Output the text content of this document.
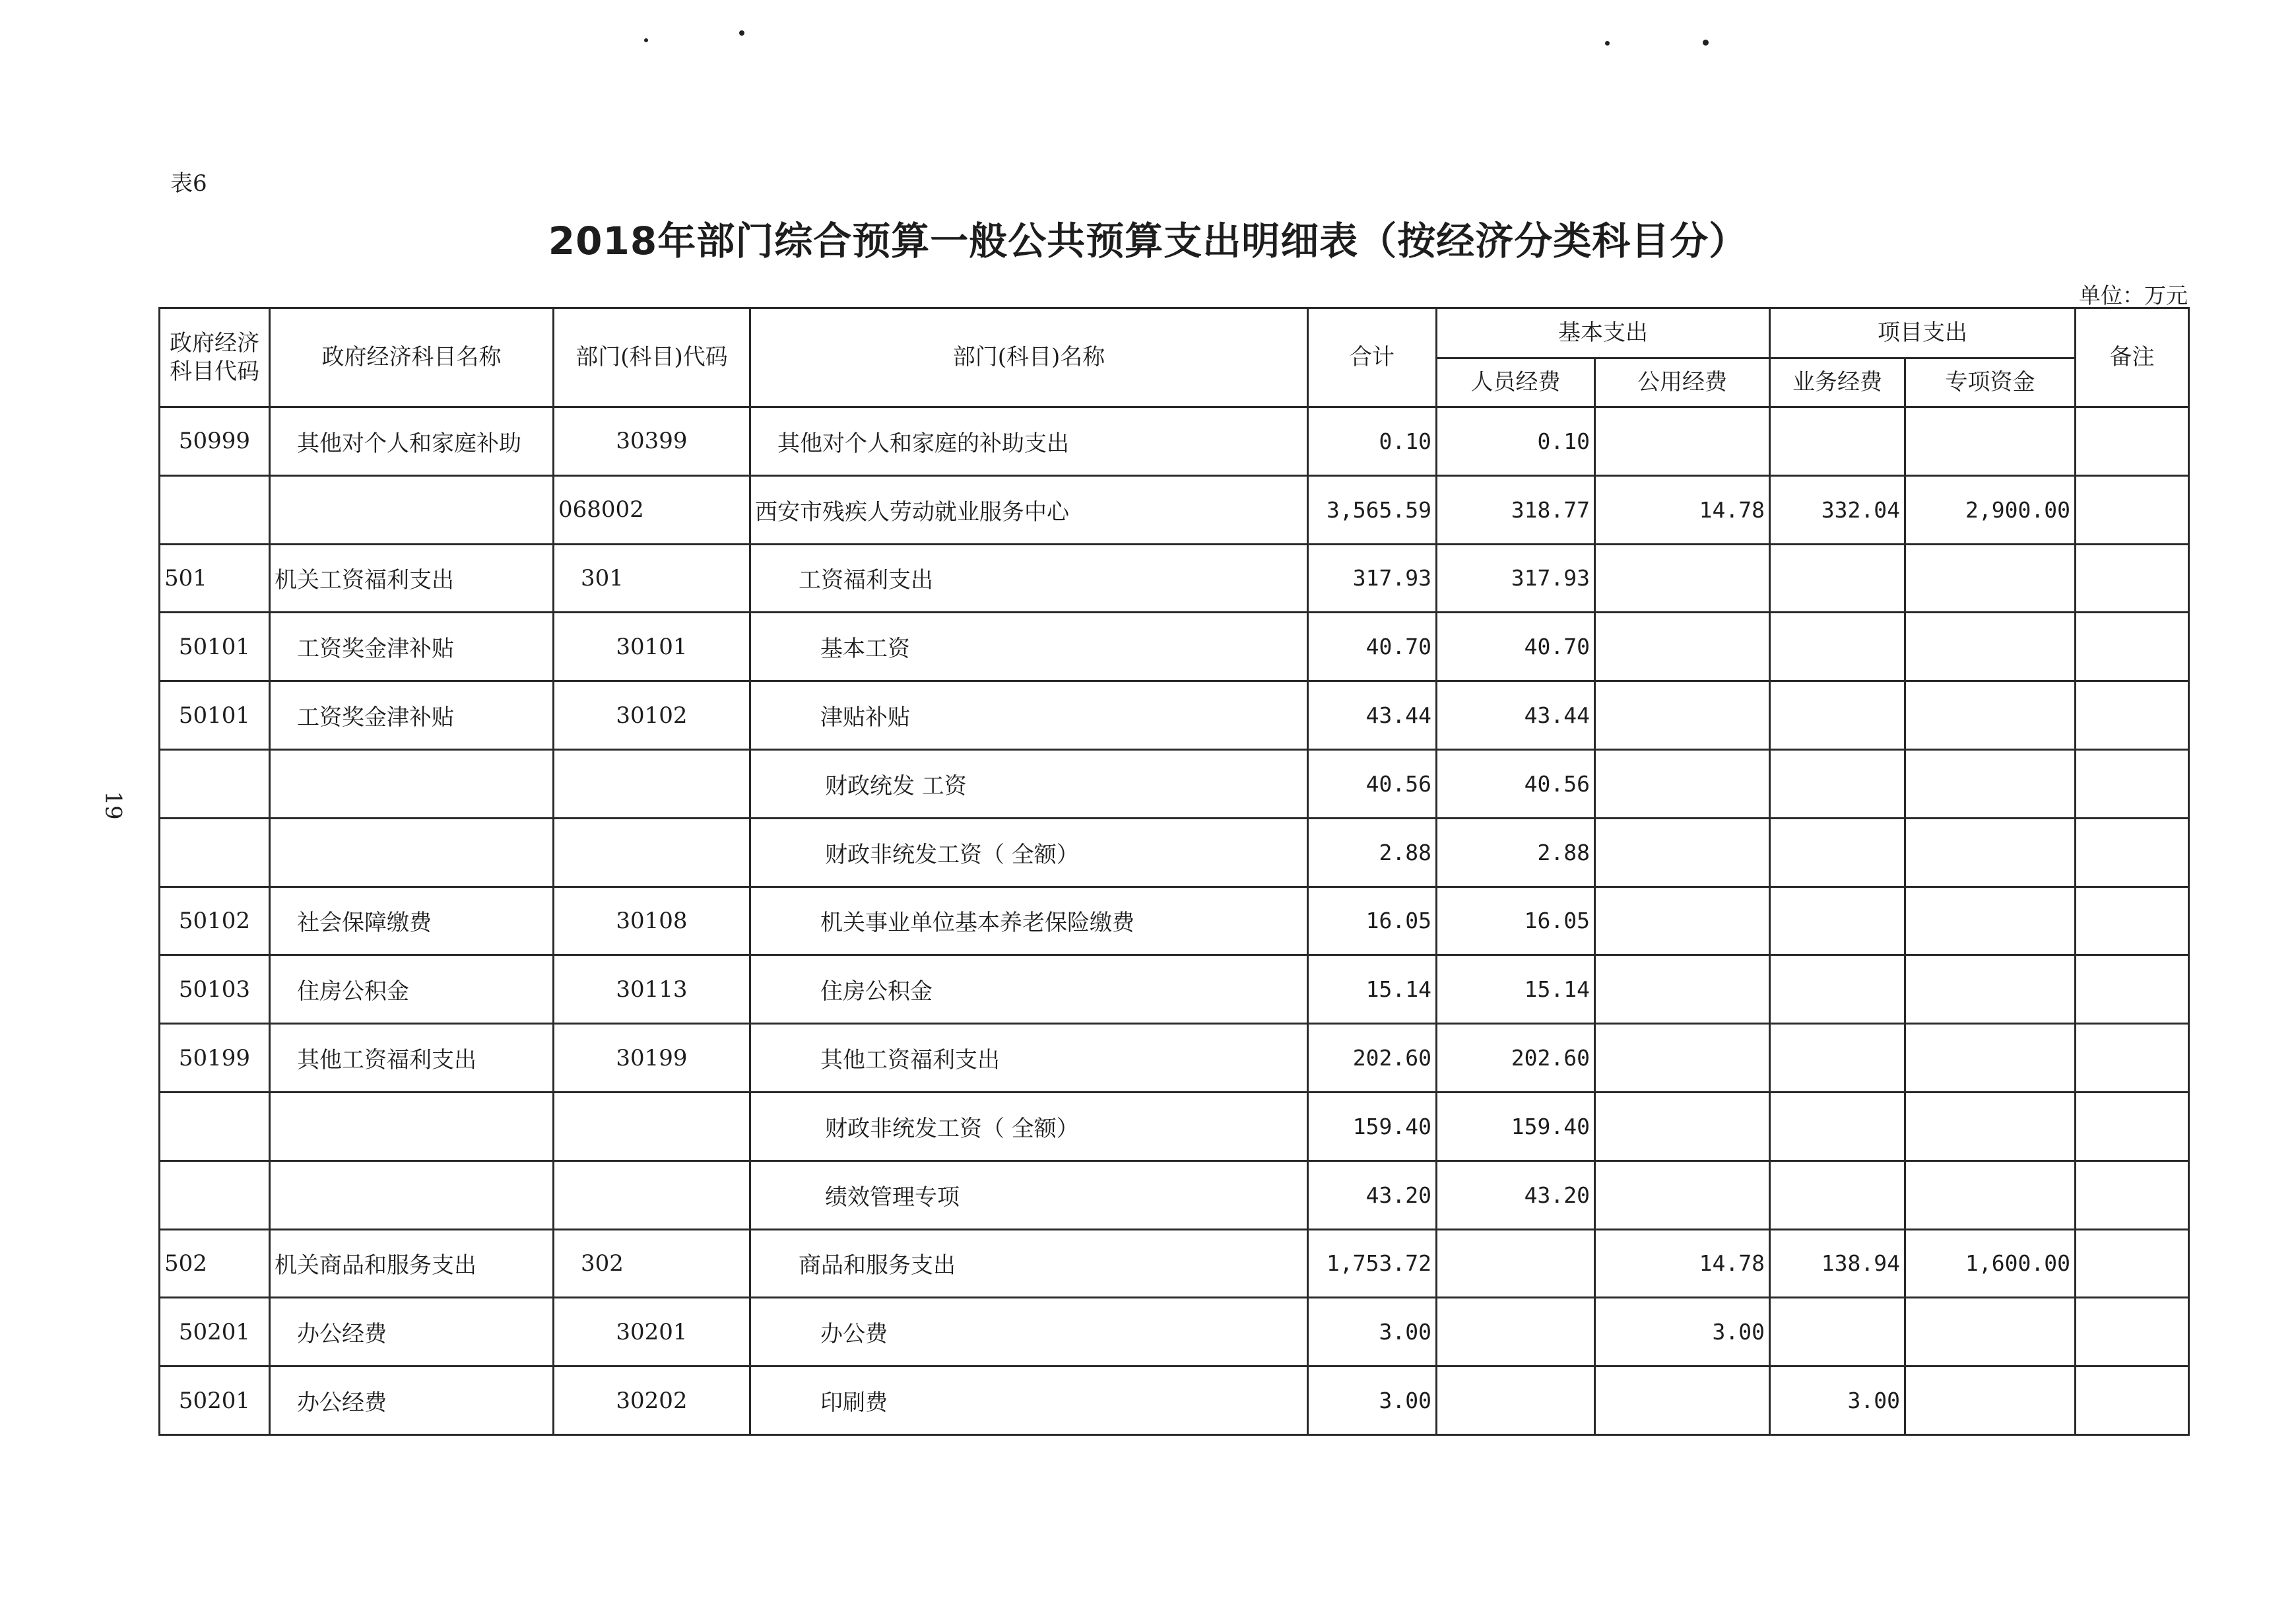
表6
2018年部门综合预算一般公共预算支出明细表（按经济分类科目分）
单位：万元
19
政府经济科目代码	政府经济科目名称	部门(科目)代码	部门(科目)名称	合计	基本支出		项目支出		备注
					人员经费	公用经费	业务经费	专项资金	
50999	其他对个人和家庭补助	30399	其他对个人和家庭的补助支出	0.10	0.10				
		068002	西安市残疾人劳动就业服务中心	3,565.59	318.77	14.78	332.04	2,900.00	
501	机关工资福利支出	301	工资福利支出	317.93	317.93				
50101	工资奖金津补贴	30101	基本工资	40.70	40.70				
50101	工资奖金津补贴	30102	津贴补贴	43.44	43.44				
			财政统发 工资	40.56	40.56				
			财政非统发工资（ 全额）	2.88	2.88				
50102	社会保障缴费	30108	机关事业单位基本养老保险缴费	16.05	16.05				
50103	住房公积金	30113	住房公积金	15.14	15.14				
50199	其他工资福利支出	30199	其他工资福利支出	202.60	202.60				
			财政非统发工资（ 全额）	159.40	159.40				
			绩效管理专项	43.20	43.20				
502	机关商品和服务支出	302	商品和服务支出	1,753.72		14.78	138.94	1,600.00	
50201	办公经费	30201	办公费	3.00		3.00			
50201	办公经费	30202	印刷费	3.00			3.00		
